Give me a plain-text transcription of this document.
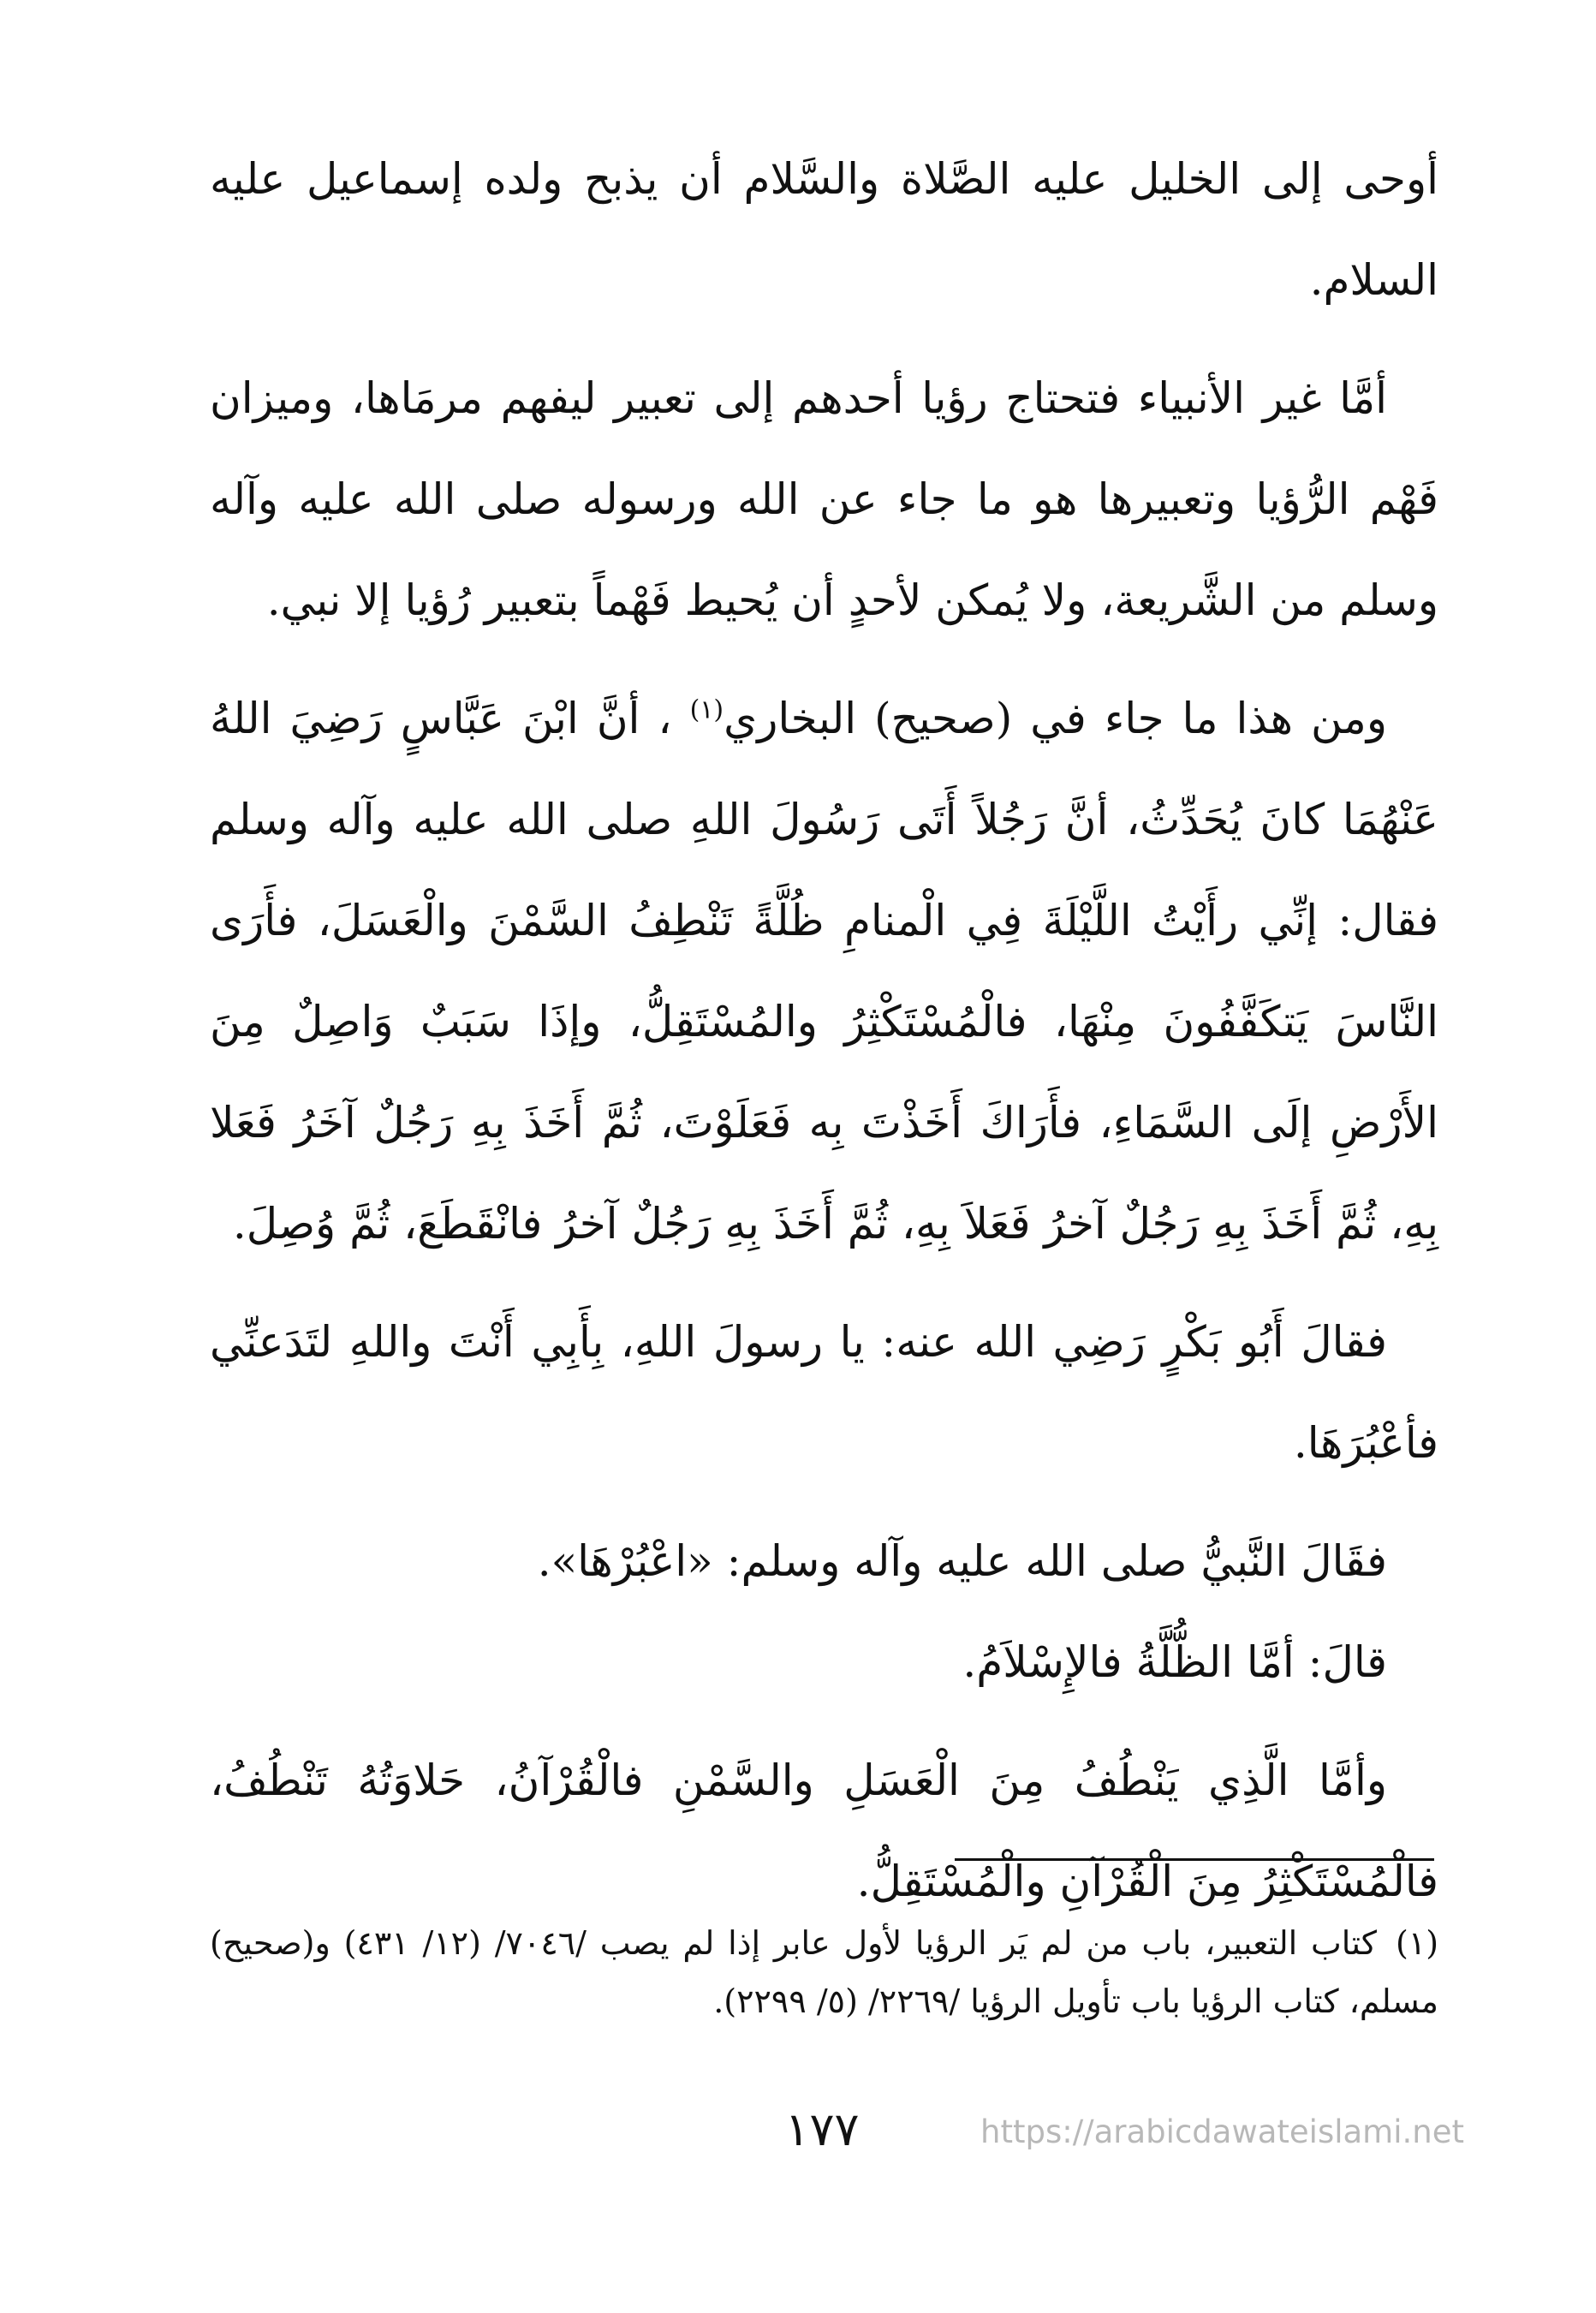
أوحى إلى الخليل عليه الصَّلاة والسَّلام أن يذبح ولده إسماعيل عليه السلام.

أمَّا غير الأنبياء فتحتاج رؤيا أحدهم إلى تعبير ليفهم مرمَاها، وميزان فَهْم الرُّؤيا وتعبيرها هو ما جاء عن الله ورسوله صلى الله عليه وآله وسلم من الشَّريعة، ولا يُمكن لأحدٍ أن يُحيط فَهْماً بتعبير رُؤيا إلا نبي.

ومن هذا ما جاء في (صحيح) البخاري$^{(١)}$ ، أنَّ ابْنَ عَبَّاسٍ رَضِيَ اللهُ عَنْهُمَا كانَ يُحَدِّثُ، أنَّ رَجُلاً أَتَى رَسُولَ اللهِ صلى الله عليه وآله وسلم فقال: إنِّي رأَيْتُ اللَّيْلَةَ فِي الْمنامِ ظُلَّةً تَنْطِفُ السَّمْنَ والْعَسَلَ، فأَرَى النَّاسَ يَتكَفَّفُونَ مِنْهَا، فالْمُسْتَكْثِرُ والمُسْتَقِلُّ، وإذَا سَبَبٌ وَاصِلٌ مِنَ الأَرْضِ إلَى السَّمَاءِ، فأَرَاكَ أَخَذْتَ بِه فَعَلَوْتَ، ثُمَّ أَخَذَ بِهِ رَجُلٌ آخَرُ فَعَلا بِهِ، ثُمَّ أَخَذَ بِهِ رَجُلٌ آخرُ فَعَلاَ بِهِ، ثُمَّ أَخَذَ بِهِ رَجُلٌ آخرُ فانْقَطَعَ، ثُمَّ وُصِلَ.

فقالَ أَبُو بَكْرٍ رَضِي الله عنه: يا رسولَ اللهِ، بِأَبِي أَنْتَ واللهِ لتَدَعنِّي فأعْبُرَهَا.

فقَالَ النَّبيُّ صلى الله عليه وآله وسلم: «اعْبُرْهَا».

قالَ: أمَّا الظُّلَّةُ فالإِسْلاَمُ.

وأمَّا الَّذِي يَنْطُفُ مِنَ الْعَسَلِ والسَّمْنِ فالْقُرْآنُ، حَلاوَتُهُ تَنْطُفُ، فالْمُسْتَكْثِرُ مِنَ الْقُرْآنِ والْمُسْتَقِلُّ.

(١)كتاب التعبير، باب من لم يَر الرؤيا لأول عابر إذا لم يصب /٧٠٤٦/ (١٢/ ٤٣١) و(صحيح) مسلم، كتاب الرؤيا باب تأويل الرؤيا /٢٢٦٩/ (٥/ ٢٢٩٩).
١٧٧	https://arabicdawateislami.net
